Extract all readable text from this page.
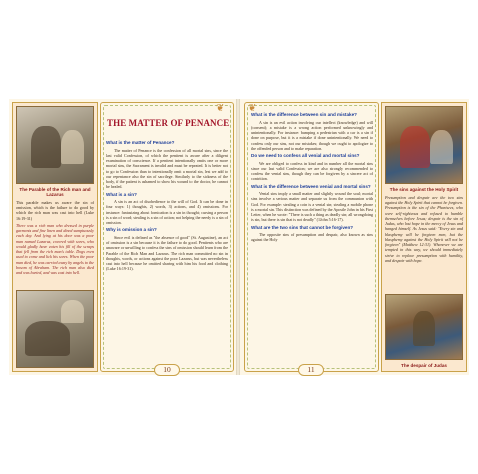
The Parable of the Rich man and Lazarus

This parable makes us aware the sin of omission, which is the failure to do good by which the rich man was cast into hell (Luke 16:19-31)

There was a rich man who dressed in purple garments and fine linen and dined sumptuously each day. And lying at his door was a poor man named Lazarus, covered with sores, who would gladly have eaten his fill of the scraps that fell from the rich man's table. Dogs even used to come and lick his sores. When the poor man died, he was carried away by angels to the bosom of Abraham. The rich man also died and was buried, and was cast into hell.

❦
THE MATTER OF PENANCE
What is the matter of Penance?

The matter of Penance is the confession of all mortal sins, since the last valid Confession, of which the penitent is aware after a diligent examination of conscience. If a penitent intentionally omits one or more mortal sins, the Sacrament is invalid and must be repeated. It is better not to go to Confession than to intentionally omit a mortal sin, lest we add to our repentance also the sin of sacrilege. Similarly to the sickness of the body, if the patient is ashamed to show his wound to the doctor, he cannot be healed.

What is a sin?

A sin is an act of disobedience to the will of God. It can be done in four ways: 1) thoughts, 2) words, 3) actions, and 4) omissions. For instance: fantasizing about fornication is a sin in thought; cursing a person is a sin of word; stealing is a sin of action; not helping the needy is a sin of omission.

Why is omission a sin?

Since evil is defined as "the absence of good" (St. Augustine), an act of omission is a sin because it is the failure to do good. Penitents who are unaware or unwilling to confess the sins of omission should learn from the Parable of the Rich Man and Lazarus. The rich man committed no sin in thoughts, words, or actions against the poor Lazarus, but was nevertheless cast into hell because he omitted sharing with him his food and clothing (Luke 16:19-31).

10
❦
What is the difference between sin and mistake?

A sin is an evil action involving our intellect (knowledge) and will (consent); a mistake is a wrong action performed unknowingly and unintentionally. For instance: bumping a pedestrian with a car is a sin if done on purpose, but it is a mistake if done unintentionally. We need to confess only our sins, not our mistakes; though we ought to apologize to the offended person and to make reparation.

Do we need to confess all venial and mortal sins?

We are obliged to confess in kind and in number all the mortal sins since our last valid Confession; we are also strongly recommended to confess the venial sins, though they can be forgiven by a sincere act of contrition.

What is the difference between venial and mortal sins?

Venial sins imply a small matter and slightly wound the soul; mortal sins involve a serious matter and separate us from the communion with God. For example: stealing a coin is a venial sin; stealing a mobile phone is a mortal sin. This distinction was defined by the Apostle John in his First Letter, when he wrote: "There is such a thing as deadly sin; all wrongdoing is sin, but there is sin that is not deadly" (1John 5:16-17).

What are the two sins that cannot be forgiven?

The opposite sins of presumption and despair, also known as sins against the Holy

11
The sins against the Holy Spirit

Presumption and despair are the two sins against the Holy Spirit that cannot be forgiven. Presumption is the sin of the Pharisees, who were self-righteous and refused to humble themselves before Jesus; despair is the sin of Judas, who lost hope in the mercy of Jesus and hanged himself. As Jesus said: "Every sin and blasphemy will be forgiven men, but the blasphemy against the Holy Spirit will not be forgiven" (Matthew 12:31). Whenever we are tempted in this way, we should immediately strive to replace presumption with humility, and despair with hope.

The despair of Judas
